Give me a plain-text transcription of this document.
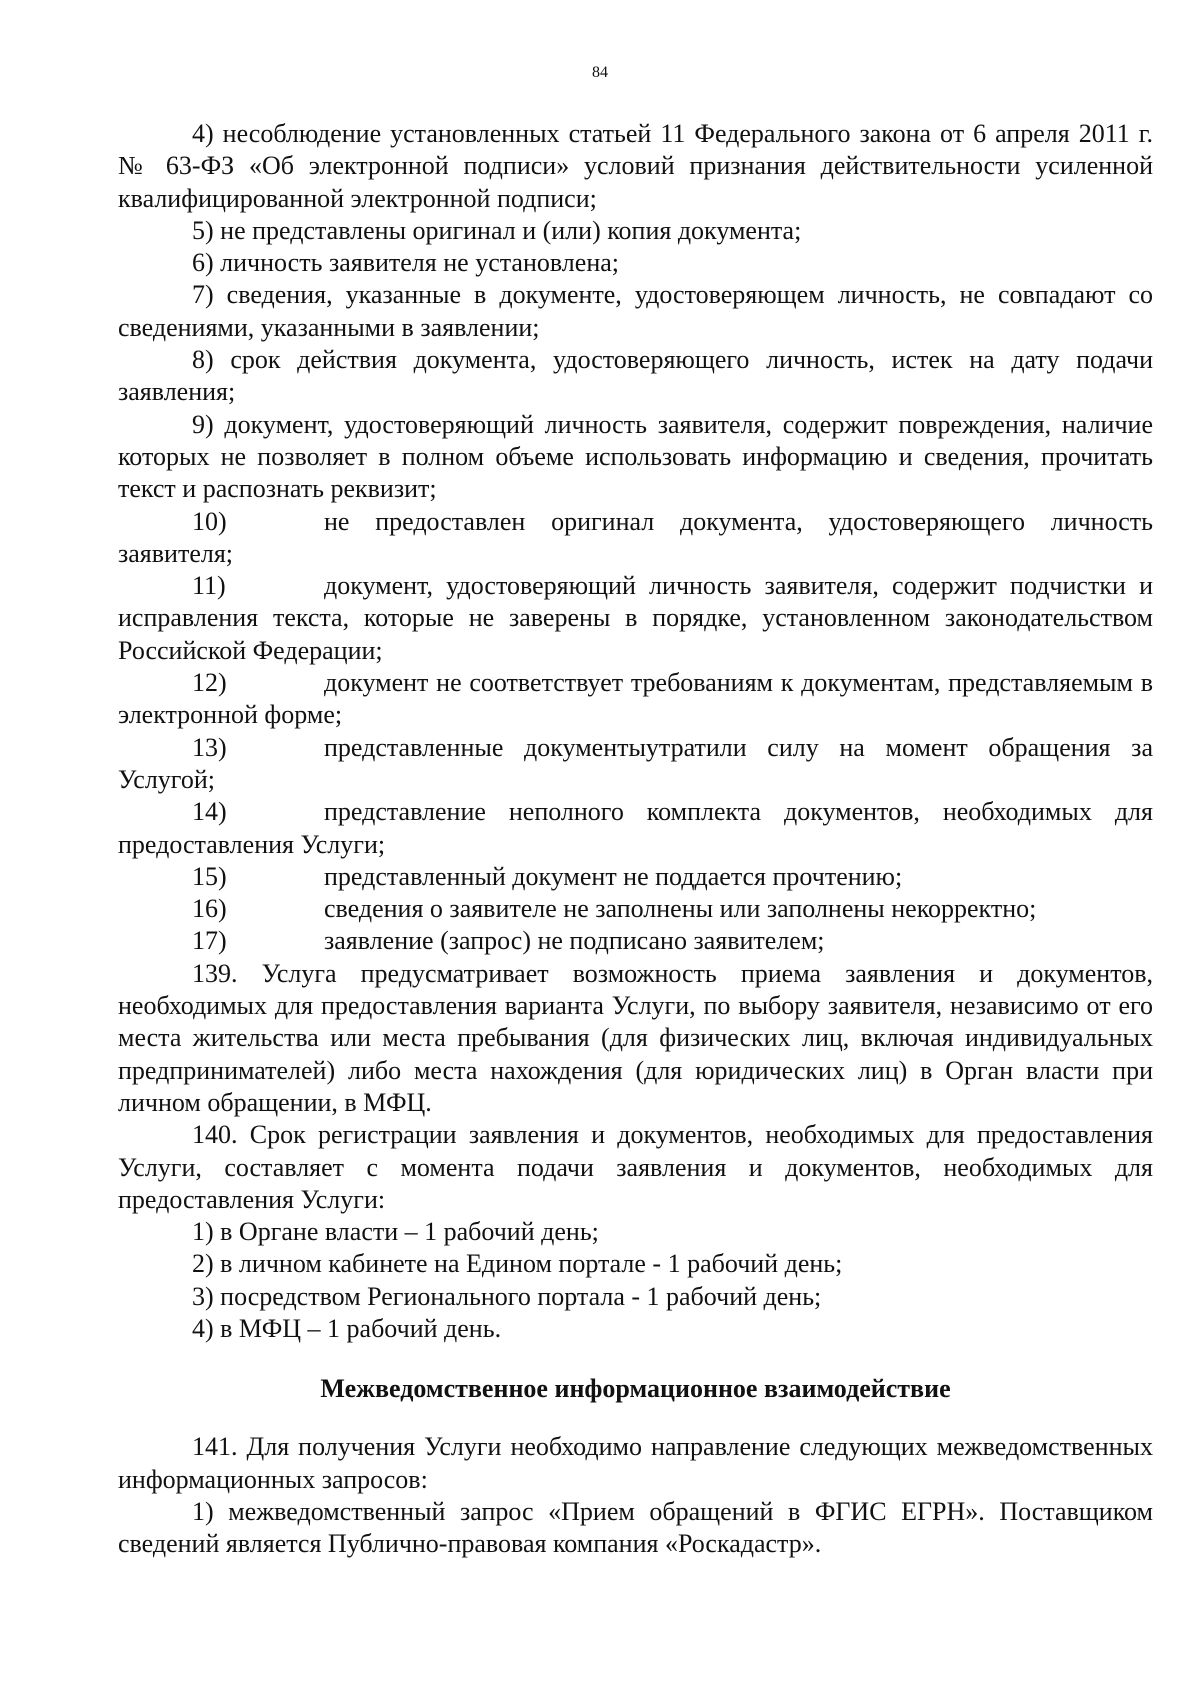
84

4) несоблюдение установленных статьей 11 Федерального закона от 6 апреля 2011 г. № 63-ФЗ «Об электронной подписи» условий признания действительности усиленной квалифицированной электронной подписи;

5) не представлены оригинал и (или) копия документа;

6) личность заявителя не установлена;

7) сведения, указанные в документе, удостоверяющем личность, не совпадают со сведениями, указанными в заявлении;

8) срок действия документа, удостоверяющего личность, истек на дату подачи заявления;

9) документ, удостоверяющий личность заявителя, содержит повреждения, наличие которых не позволяет в полном объеме использовать информацию и сведения, прочитать текст и распознать реквизит;

10)	не предоставлен оригинал документа, удостоверяющего личность заявителя;

11)	документ, удостоверяющий личность заявителя, содержит подчистки и исправления текста, которые не заверены в порядке, установленном законодательством Российской Федерации;

12)	документ не соответствует требованиям к документам, представляемым в электронной форме;

13)	представленные документыутратили силу на момент обращения за Услугой;

14)	представление неполного комплекта документов, необходимых для предоставления Услуги;

15)	представленный документ не поддается прочтению;

16)	сведения о заявителе не заполнены или заполнены некорректно;

17)	заявление (запрос) не подписано заявителем;

139. Услуга предусматривает возможность приема заявления и документов, необходимых для предоставления варианта Услуги, по выбору заявителя, независимо от его места жительства или места пребывания (для физических лиц, включая индивидуальных предпринимателей) либо места нахождения (для юридических лиц) в Орган власти при личном обращении, в МФЦ.

140. Срок регистрации заявления и документов, необходимых для предоставления Услуги, составляет с момента подачи заявления и документов, необходимых для предоставления Услуги:

1) в Органе власти – 1 рабочий день;

2) в личном кабинете на Едином портале - 1 рабочий день;

3) посредством Регионального портала - 1 рабочий день;

4) в МФЦ – 1 рабочий день.

Межведомственное информационное взаимодействие

141. Для получения Услуги необходимо направление следующих межведомственных информационных запросов:

1) межведомственный запрос «Прием обращений в ФГИС ЕГРН». Поставщиком сведений является Публично-правовая компания «Роскадастр».
